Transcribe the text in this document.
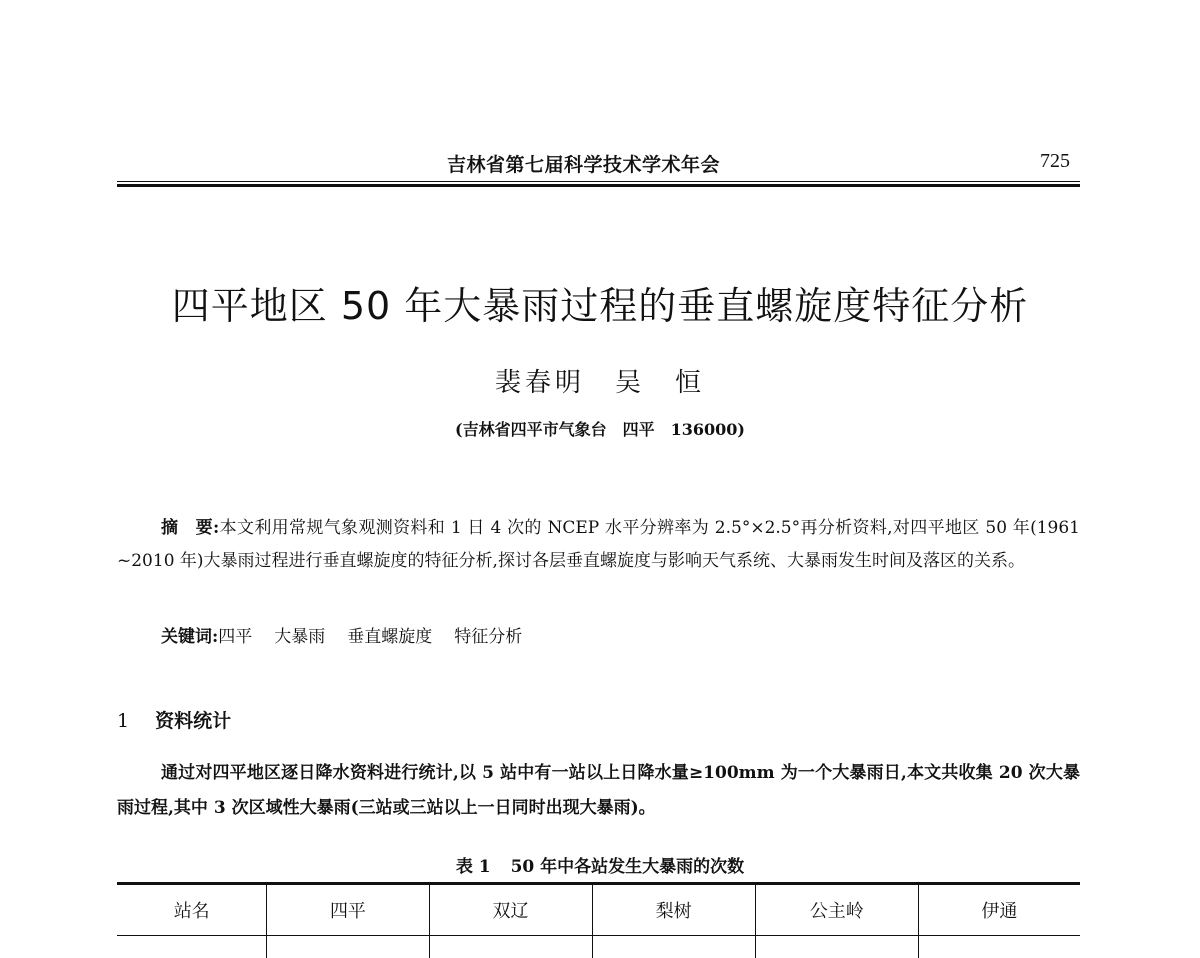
吉林省第七届科学技术学术年会	725
四平地区 50 年大暴雨过程的垂直螺旋度特征分析
裴春明　吴　恒
(吉林省四平市气象台　四平　136000)
摘　要:本文利用常规气象观测资料和 1 日 4 次的 NCEP 水平分辨率为 2.5°×2.5°再分析资料,对四平地区 50 年(1961 ~2010 年)大暴雨过程进行垂直螺旋度的特征分析,探讨各层垂直螺旋度与影响天气系统、大暴雨发生时间及落区的关系。
关键词:四平 大暴雨 垂直螺旋度 特征分析
1 资料统计
通过对四平地区逐日降水资料进行统计,以 5 站中有一站以上日降水量≥100mm 为一个大暴雨日,本文共收集 20 次大暴雨过程,其中 3 次区域性大暴雨(三站或三站以上一日同时出现大暴雨)。
表 1 50 年中各站发生大暴雨的次数
站名	四平	双辽	梨树	公主岭	伊通
